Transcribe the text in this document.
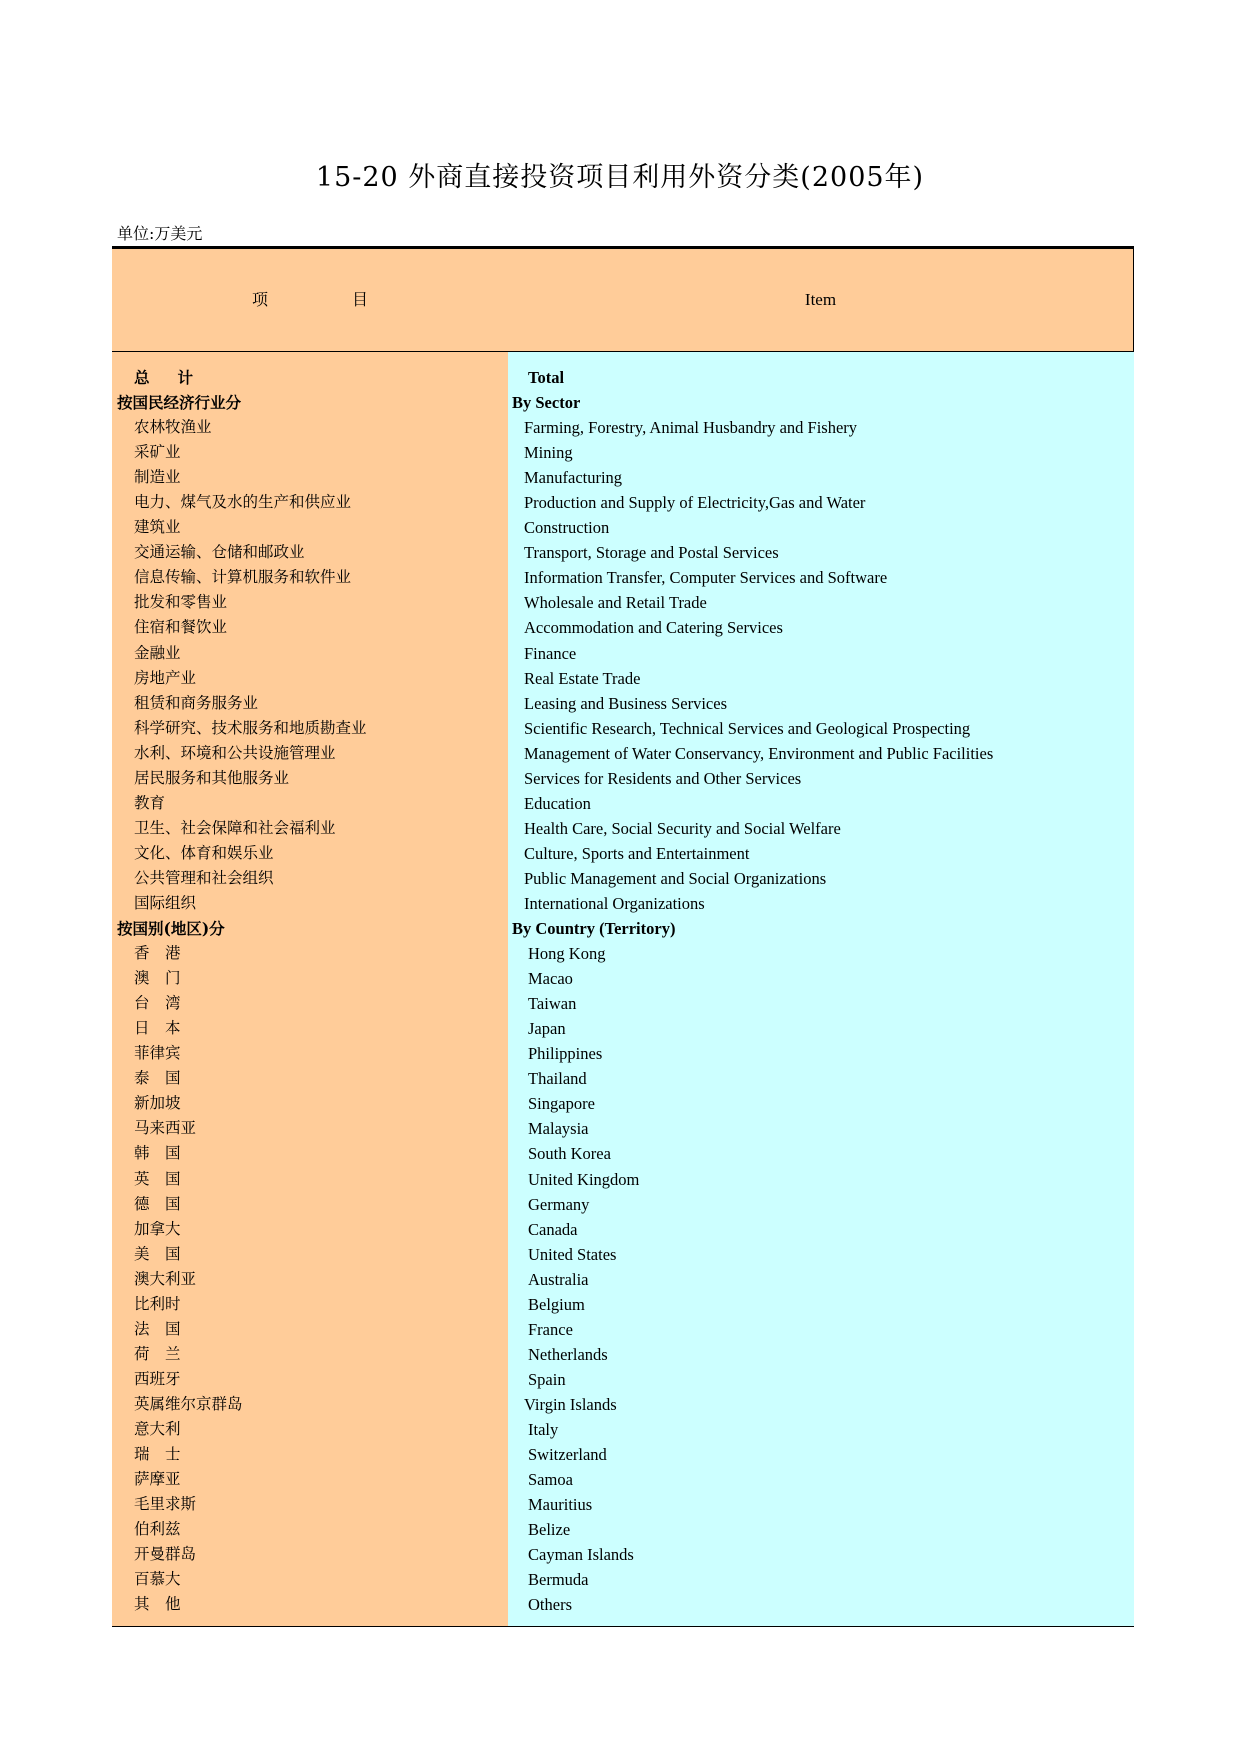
15-20 外商直接投资项目利用外资分类(2005年)
单位:万美元
项	目	Item
总计
按国民经济行业分
农林牧渔业
采矿业
制造业
电力、煤气及水的生产和供应业
建筑业
交通运输、仓储和邮政业
信息传输、计算机服务和软件业
批发和零售业
住宿和餐饮业
金融业
房地产业
租赁和商务服务业
科学研究、技术服务和地质勘查业
水利、环境和公共设施管理业
居民服务和其他服务业
教育
卫生、社会保障和社会福利业
文化、体育和娱乐业
公共管理和社会组织
国际组织
按国别(地区)分
香　港
澳　门
台　湾
日　本
菲律宾
泰　国
新加坡
马来西亚
韩　国
英　国
德　国
加拿大
美　国
澳大利亚
比利时
法　国
荷　兰
西班牙
英属维尔京群岛
意大利
瑞　士
萨摩亚
毛里求斯
伯利兹
开曼群岛
百慕大
其　他
Total
By Sector
Farming, Forestry, Animal Husbandry and Fishery
Mining
Manufacturing
Production and Supply of Electricity,Gas and Water
Construction
Transport, Storage and Postal Services
Information Transfer, Computer Services and Software
Wholesale and Retail Trade
Accommodation and Catering Services
Finance
Real Estate Trade
Leasing and Business Services
Scientific Research, Technical Services and Geological Prospecting
Management of Water Conservancy, Environment and Public Facilities
Services for Residents and Other Services
Education
Health Care, Social Security and Social Welfare
Culture, Sports and Entertainment
Public Management and Social Organizations
International Organizations
By Country (Territory)
Hong Kong
Macao
Taiwan
Japan
Philippines
Thailand
Singapore
Malaysia
South Korea
United Kingdom
Germany
Canada
United States
Australia
Belgium
France
Netherlands
Spain
Virgin Islands
Italy
Switzerland
Samoa
Mauritius
Belize
Cayman Islands
Bermuda
Others
